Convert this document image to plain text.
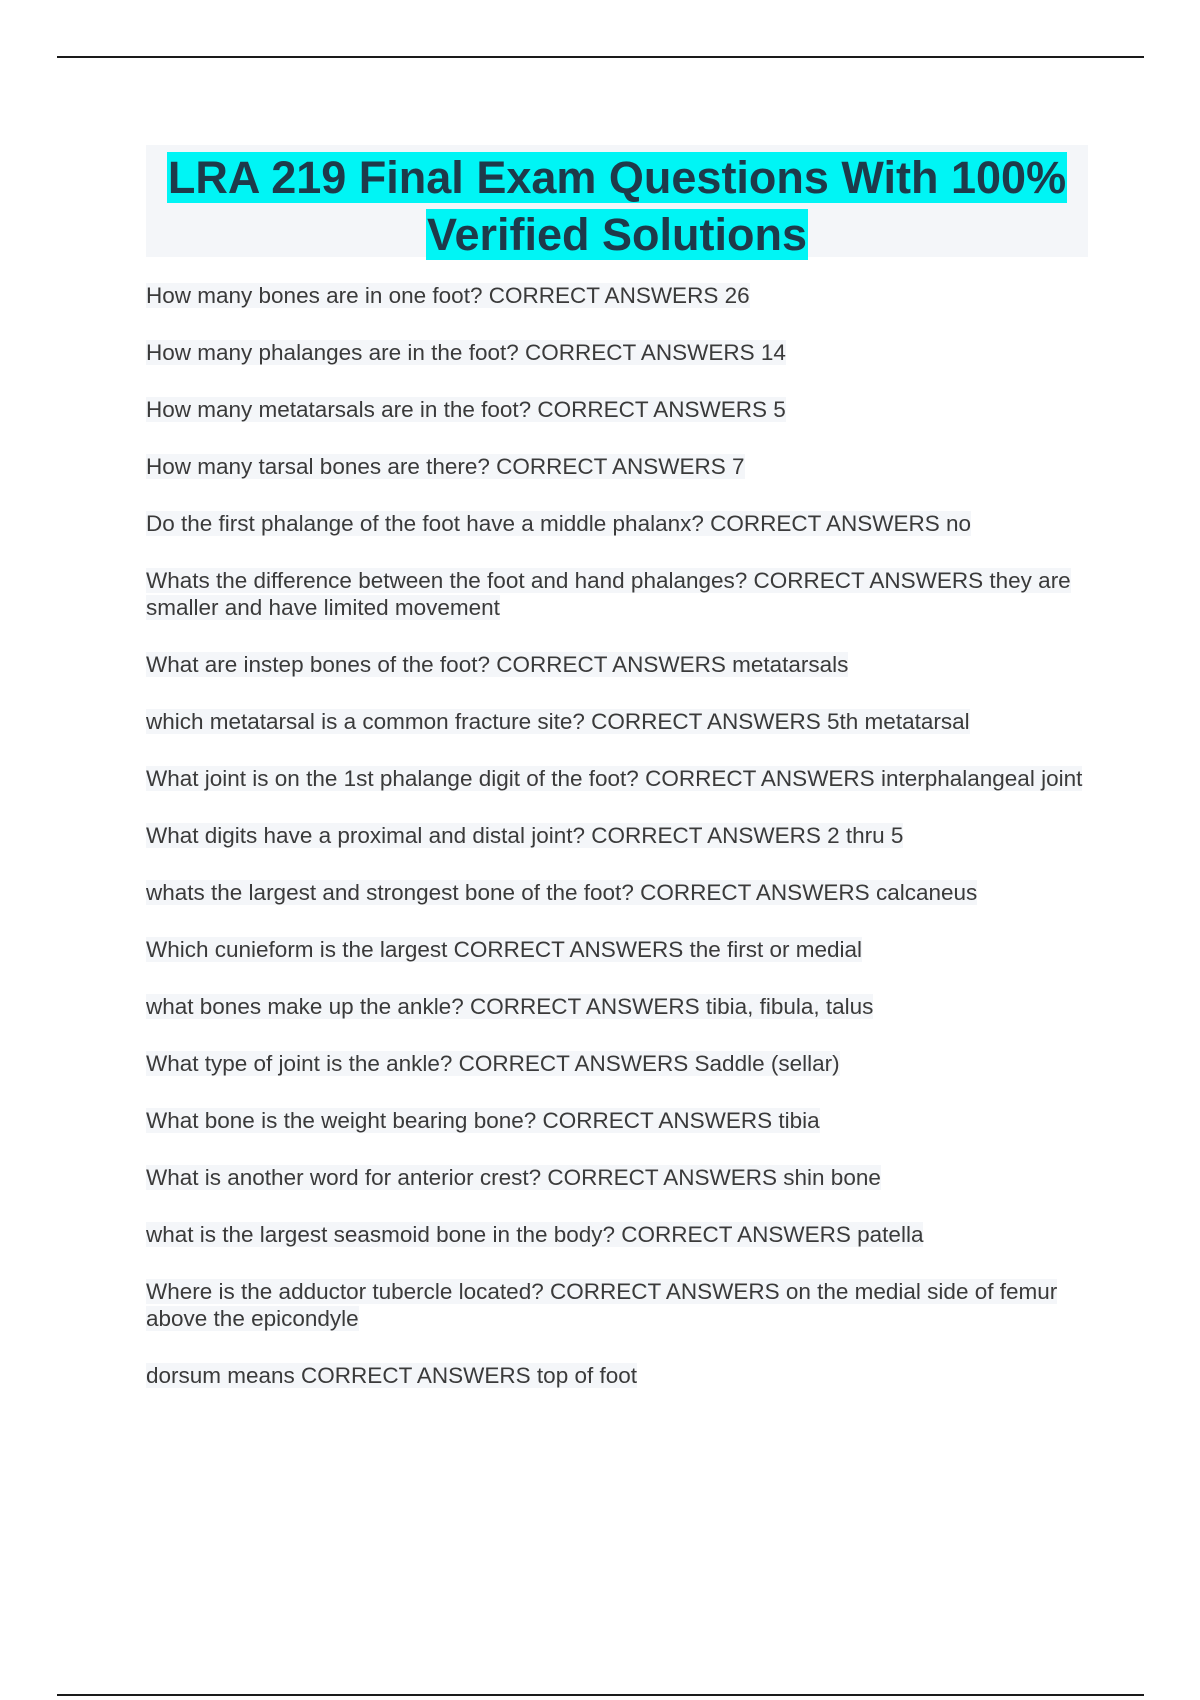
LRA 219 Final Exam Questions With 100% Verified Solutions
How many bones are in one foot? CORRECT ANSWERS 26
How many phalanges are in the foot? CORRECT ANSWERS 14
How many metatarsals are in the foot? CORRECT ANSWERS 5
How many tarsal bones are there? CORRECT ANSWERS 7
Do the first phalange of the foot have a middle phalanx? CORRECT ANSWERS no
Whats the difference between the foot and hand phalanges? CORRECT ANSWERS they are smaller and have limited movement
What are instep bones of the foot? CORRECT ANSWERS metatarsals
which metatarsal is a common fracture site? CORRECT ANSWERS 5th metatarsal
What joint is on the 1st phalange digit of the foot? CORRECT ANSWERS interphalangeal joint
What digits have a proximal and distal joint? CORRECT ANSWERS 2 thru 5
whats the largest and strongest bone of the foot? CORRECT ANSWERS calcaneus
Which cunieform is the largest CORRECT ANSWERS the first or medial
what bones make up the ankle? CORRECT ANSWERS tibia, fibula, talus
What type of joint is the ankle? CORRECT ANSWERS Saddle (sellar)
What bone is the weight bearing bone? CORRECT ANSWERS tibia
What is another word for anterior crest? CORRECT ANSWERS shin bone
what is the largest seasmoid bone in the body? CORRECT ANSWERS patella
Where is the adductor tubercle located? CORRECT ANSWERS on the medial side of femur above the epicondyle
dorsum means CORRECT ANSWERS top of foot
